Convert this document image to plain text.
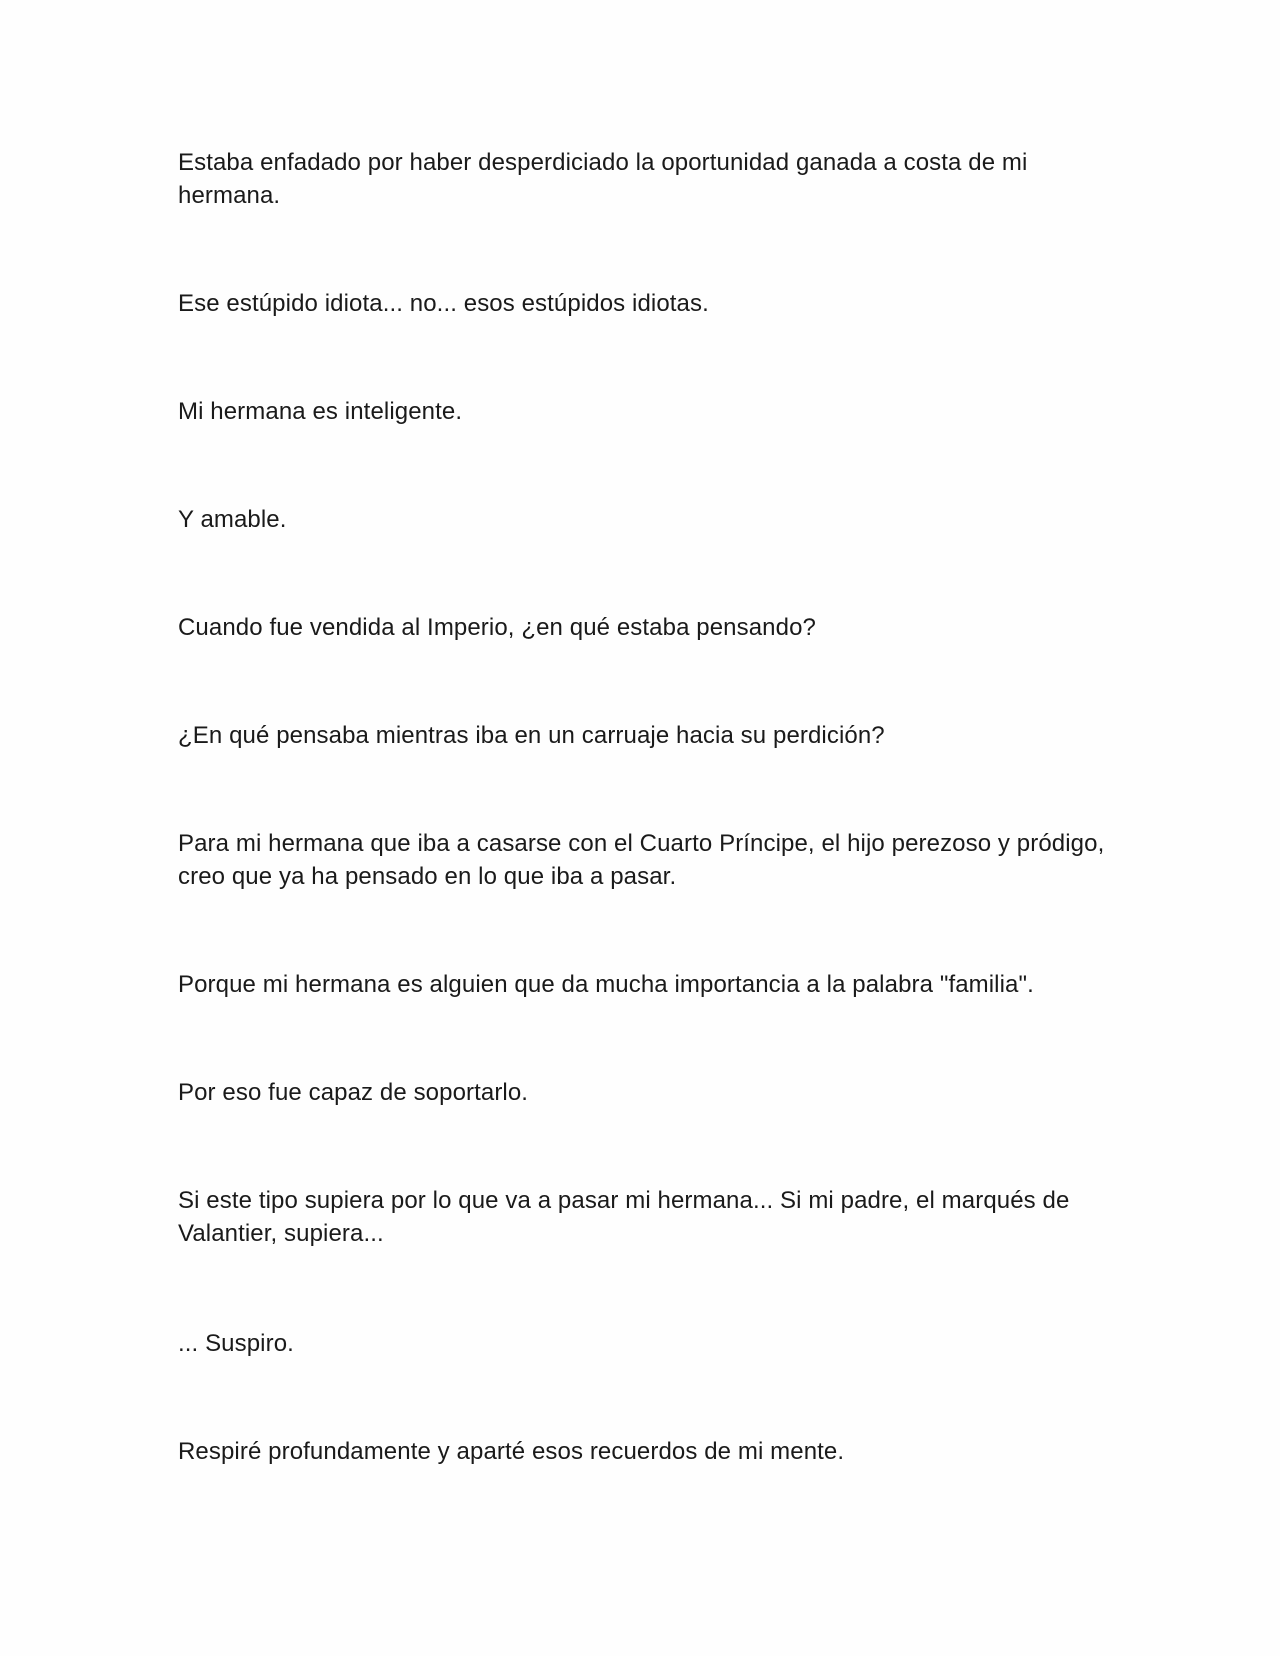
Estaba enfadado por haber desperdiciado la oportunidad ganada a costa de mi hermana.

Ese estúpido idiota... no... esos estúpidos idiotas.

Mi hermana es inteligente.

Y amable.

Cuando fue vendida al Imperio, ¿en qué estaba pensando?

¿En qué pensaba mientras iba en un carruaje hacia su perdición?

Para mi hermana que iba a casarse con el Cuarto Príncipe, el hijo perezoso y pródigo, creo que ya ha pensado en lo que iba a pasar.

Porque mi hermana es alguien que da mucha importancia a la palabra "familia".

Por eso fue capaz de soportarlo.

Si este tipo supiera por lo que va a pasar mi hermana... Si mi padre, el marqués de Valantier, supiera...

... Suspiro.

Respiré profundamente y aparté esos recuerdos de mi mente.
